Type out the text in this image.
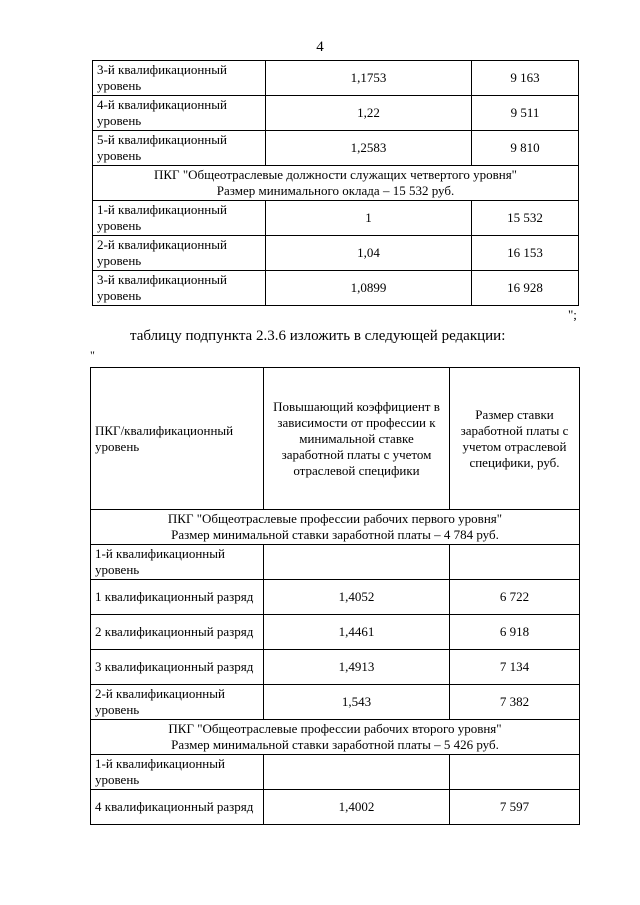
4
3-й квалификационный уровень	1,1753	9 163
4-й квалификационный уровень	1,22	9 511
5-й квалификационный уровень	1,2583	9 810

ПКГ "Общеотраслевые должности служащих четвертого уровня"
Размер минимального оклада – 15 532 руб.		

1-й квалификационный уровень	1	15 532
2-й квалификационный уровень	1,04	16 153
3-й квалификационный уровень	1,0899	16 928
";
таблицу подпункта 2.3.6 изложить в следующей редакции:
"
ПКГ/квалификационный уровень	Повышающий коэффициент в зависимости от профессии к минимальной ставке заработной платы с учетом отраслевой специфики	Размер ставки заработной платы с учетом отраслевой специфики, руб.

ПКГ "Общеотраслевые профессии рабочих первого уровня"
Размер минимальной ставки заработной платы – 4 784 руб.		

1-й квалификационный уровень		
1 квалификационный разряд	1,4052	6 722
2 квалификационный разряд	1,4461	6 918
3 квалификационный разряд	1,4913	7 134
2-й квалификационный уровень	1,543	7 382

ПКГ "Общеотраслевые профессии рабочих второго уровня"
Размер минимальной ставки заработной платы – 5 426 руб.		

1-й квалификационный уровень		
4 квалификационный разряд	1,4002	7 597
